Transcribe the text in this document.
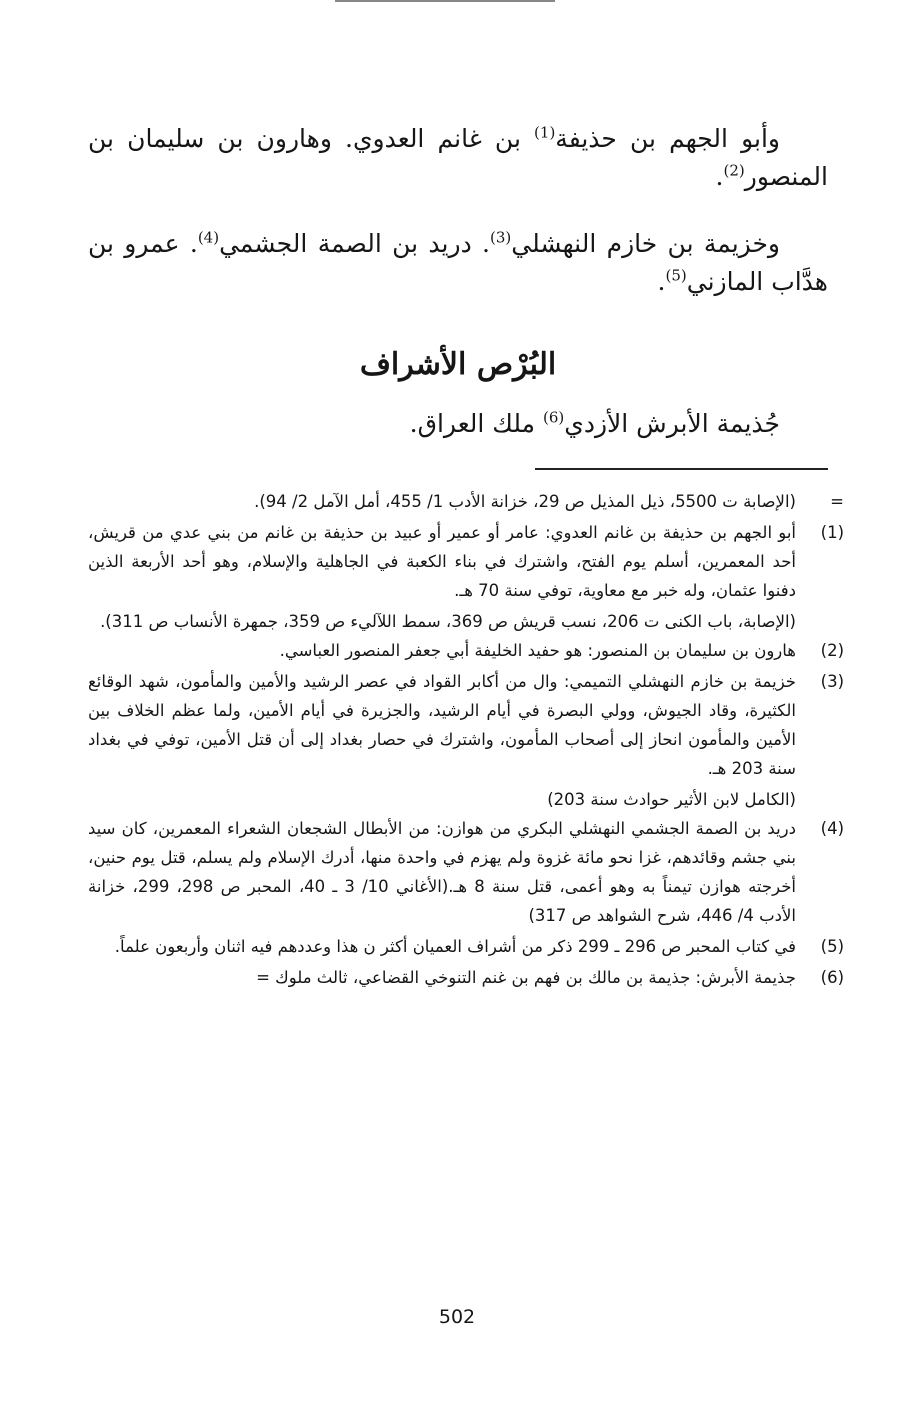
وأبو الجهم بن حذيفة$^{(1)}$ بن غانم العدوي. وهارون بن سليمان بن المنصور$^{(2)}$.

وخزيمة بن خازم النهشلي$^{(3)}$. دريد بن الصمة الجشمي$^{(4)}$. عمرو بن هدَّاب المازني$^{(5)}$.

البُرْص الأشراف

جُذيمة الأبرش الأزدي$^{(6)}$ ملك العراق.

=
(الإصابة ت 5500، ذيل المذيل ص 29، خزانة الأدب 1/ 455، أمل الآمل 2/ 94).
(1)
أبو الجهم بن حذيفة بن غانم العدوي: عامر أو عمير أو عبيد بن حذيفة بن غانم من بني عدي من قريش، أحد المعمرين، أسلم يوم الفتح، واشترك في بناء الكعبة في الجاهلية والإسلام، وهو أحد الأربعة الذين دفنوا عثمان، وله خبر مع معاوية، توفي سنة 70 هـ.
(الإصابة، باب الكنى ت 206، نسب قريش ص 369، سمط اللآليء ص 359، جمهرة الأنساب ص 311).
(2)
هارون بن سليمان بن المنصور: هو حفيد الخليفة أبي جعفر المنصور العباسي.
(3)
خزيمة بن خازم النهشلي التميمي: وال من أكابر القواد في عصر الرشيد والأمين والمأمون، شهد الوقائع الكثيرة، وقاد الجيوش، وولي البصرة في أيام الرشيد، والجزيرة في أيام الأمين، ولما عظم الخلاف بين الأمين والمأمون انحاز إلى أصحاب المأمون، واشترك في حصار بغداد إلى أن قتل الأمين، توفي في بغداد سنة 203 هـ.
(الكامل لابن الأثير حوادث سنة 203)
(4)
دريد بن الصمة الجشمي النهشلي البكري من هوازن: من الأبطال الشجعان الشعراء المعمرين، كان سيد بني جشم وقائدهم، غزا نحو مائة غزوة ولم يهزم في واحدة منها، أدرك الإسلام ولم يسلم، قتل يوم حنين، أخرجته هوازن تيمناً به وهو أعمى، قتل سنة 8 هـ.(الأغاني 10/ 3 ـ 40، المحبر ص 298، 299، خزانة الأدب 4/ 446، شرح الشواهد ص 317)
(5)
في كتاب المحبر ص 296 ـ 299 ذكر من أشراف العميان أكثر ن هذا وعددهم فيه اثنان وأربعون علماً.
(6)
جذيمة الأبرش: جذيمة بن مالك بن فهم بن غنم التنوخي القضاعي، ثالث ملوك =
502
